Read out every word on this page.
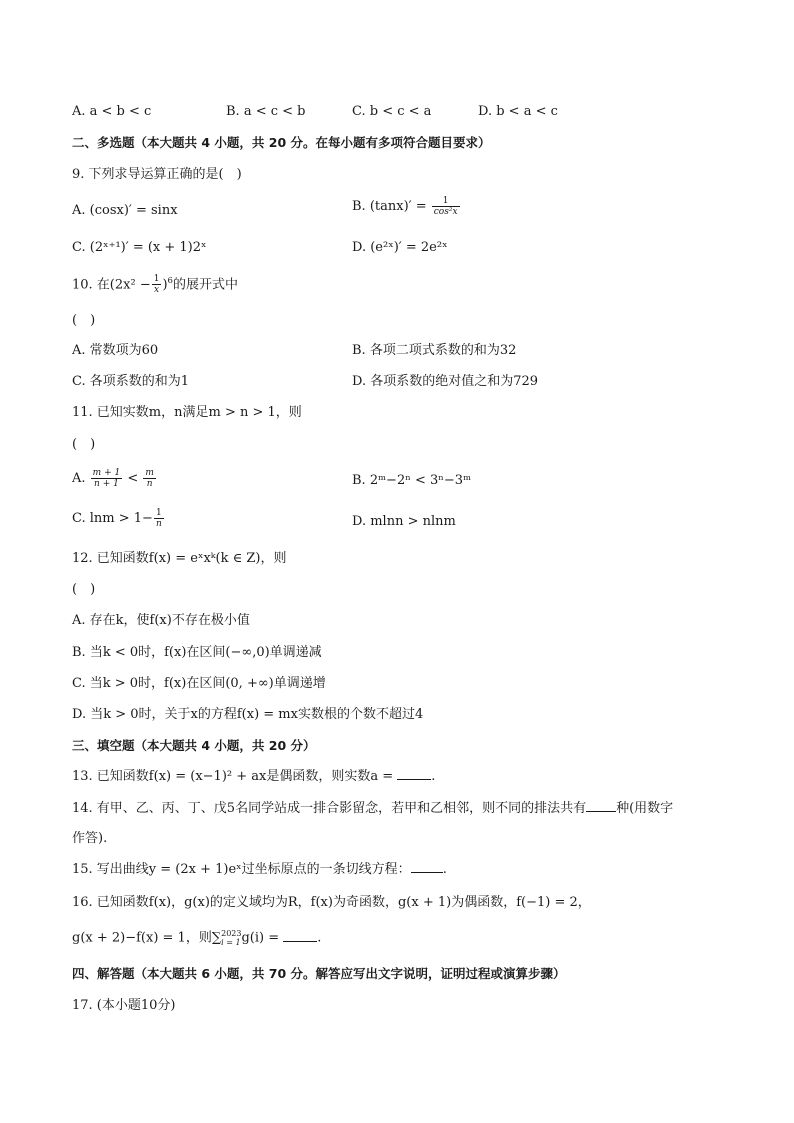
A. a < b < c	B. a < c < b	C. b < c < a	D. b < a < c
二、多选题（本大题共 4 小题，共 20 分。在每小题有多项符合题目要求）
9. 下列求导运算正确的是(　)
A. (cosx)′ = sinx	B. $(\tan x)' = \frac{1}{\text{cos²x}}$
C. (2ˣ⁺¹)′ = (x + 1)2ˣ	D. (e²ˣ)′ = 2e²ˣ
10. 在$(2x^2 - \frac{1}{x} )^6$的展开式中
(　)
A. 常数项为60	B. 各项二项式系数的和为32
C. 各项系数的和为1	D. 各项系数的绝对值之和为729
11. 已知实数m，n满足m > n > 1，则
(　)
A. $\frac{m + 1}{n + 1} < \frac{m}{n}$	B. 2ᵐ−2ⁿ < 3ⁿ−3ᵐ
C. $\ln m > 1- \frac{1}{n}$	D. mlnn > nlnm
12. 已知函数f(x) = eˣxᵏ(k ∈ Z)，则
(　)
A. 存在k，使f(x)不存在极小值
B. 当k < 0时，f(x)在区间(−∞,0)单调递减
C. 当k > 0时，f(x)在区间(0, +∞)单调递增
D. 当k > 0时，关于x的方程f(x) = mx实数根的个数不超过4
三、填空题（本大题共 4 小题，共 20 分）
13. 已知函数f(x) = (x−1)² + ax是偶函数，则实数a =	.
14. 有甲、乙、丙、丁、戊5名同学站成一排合影留念，若甲和乙相邻，则不同的排法共有 种(用数字
作答).
15. 写出曲线y = (2x + 1)eˣ过坐标原点的一条切线方程： .
16. 已知函数f(x)，g(x)的定义域均为R，f(x)为奇函数，g(x + 1)为偶函数，f(−1) = 2，
g(x + 2)−f(x) = 1，则∑ 2023
i = 1 g(i) =	.
四、解答题（本大题共 6 小题，共 70 分。解答应写出文字说明，证明过程或演算步骤）
17. (本小题10分)
